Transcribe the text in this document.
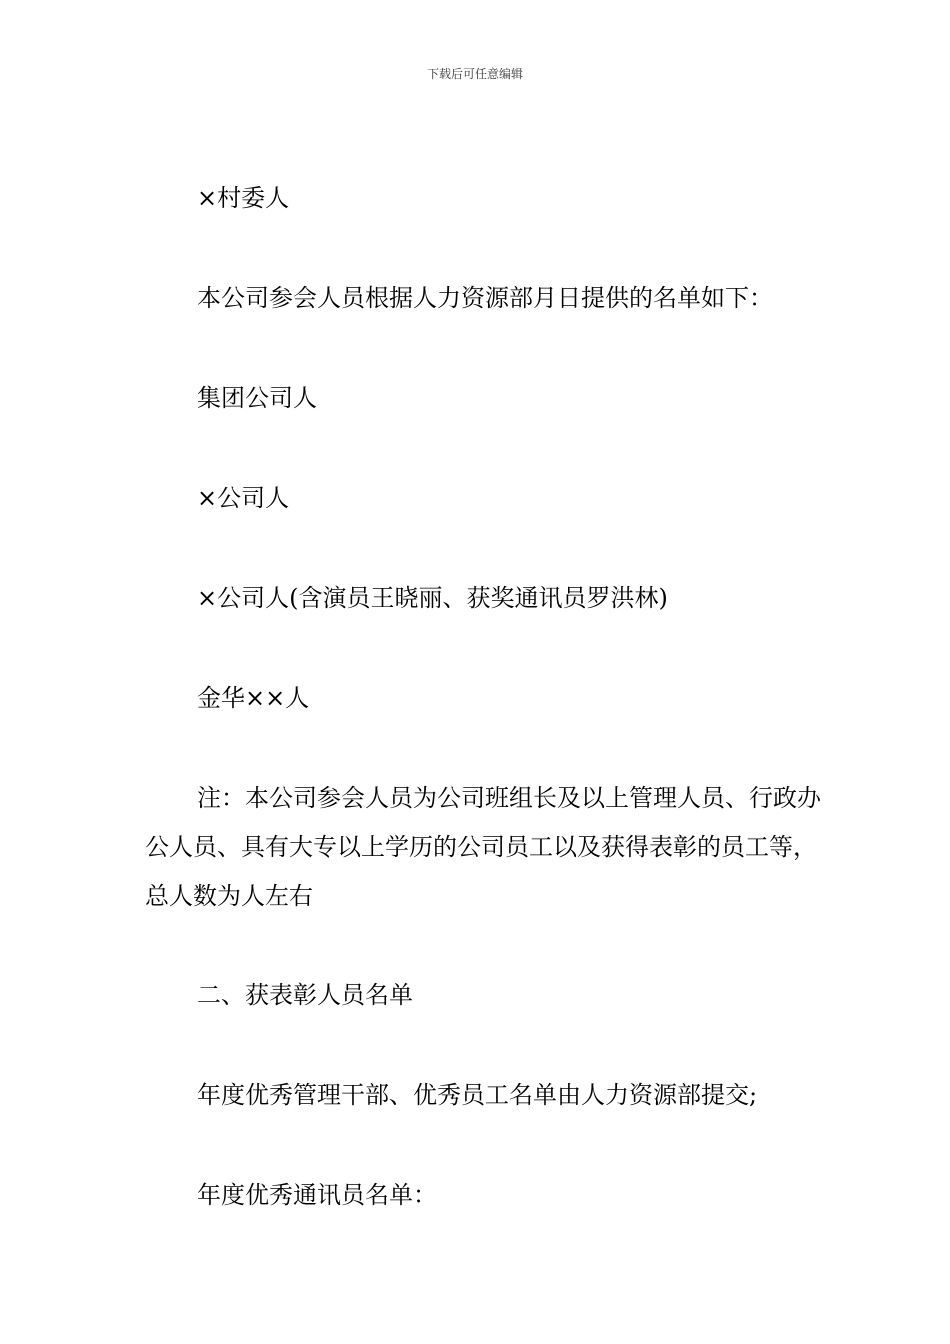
下载后可任意编辑
×村委人
本公司参会人员根据人力资源部月日提供的名单如下：
集团公司人
×公司人
×公司人(含演员王晓丽、获奖通讯员罗洪林)
金华××人
注：本公司参会人员为公司班组长及以上管理人员、行政办公人员、具有大专以上学历的公司员工以及获得表彰的员工等，总人数为人左右
二、获表彰人员名单
年度优秀管理干部、优秀员工名单由人力资源部提交;
年度优秀通讯员名单：
